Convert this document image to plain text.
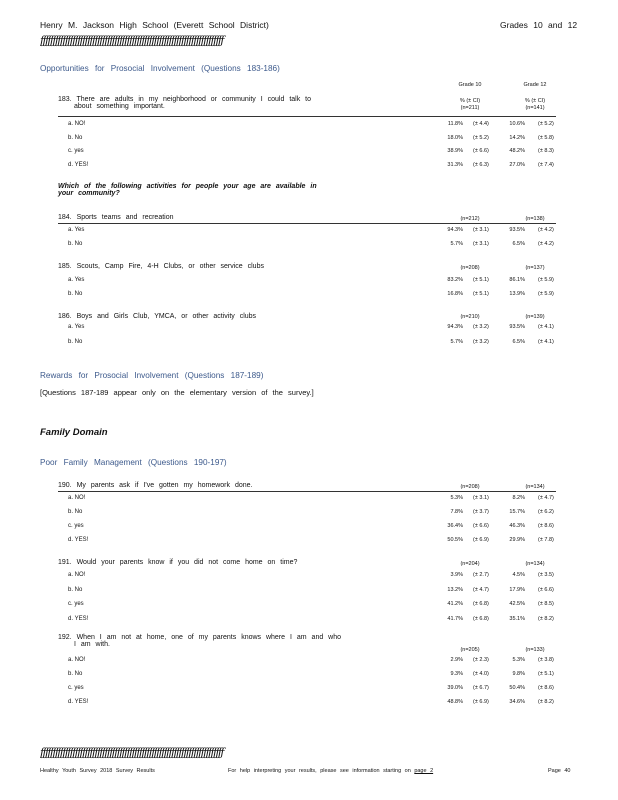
Henry M. Jackson High School (Everett School District)	Grades 10 and 12
ƒƒƒƒƒƒƒƒƒƒƒƒƒƒƒƒƒƒƒƒƒƒƒƒƒƒƒƒƒƒƒƒƒƒƒƒƒƒƒƒƒƒƒƒƒƒƒƒƒƒƒƒƒƒƒƒƒƒƒƒƒƒƒƒƒƒƒƒƒƒƒƒƒƒ
Opportunities for Prosocial Involvement (Questions 183-186)
Grade 10	Grade 12
% (± CI)	% (± CI)
(n=211)	(n=141)
183. There are adults in my neighborhood or community I could talk to
about something important.
a. NO!	11.8% (± 4.4)	10.6% (± 5.2)
b. No	18.0% (± 5.2)	14.2% (± 5.8)
c. yes	38.9% (± 6.6)	48.2% (± 8.3)
d. YES!	31.3% (± 6.3)	27.0% (± 7.4)
Which of the following activities for people your age are available in
your community?
184. Sports teams and recreation	(n=212)	(n=138)
a. Yes	94.3% (± 3.1)	93.5% (± 4.2)
b. No	5.7% (± 3.1)	6.5% (± 4.2)
185. Scouts, Camp Fire, 4-H Clubs, or other service clubs	(n=208)	(n=137)
a. Yes	83.2% (± 5.1)	86.1% (± 5.9)
b. No	16.8% (± 5.1)	13.9% (± 5.9)
186. Boys and Girls Club, YMCA, or other activity clubs	(n=210)	(n=139)
a. Yes	94.3% (± 3.2)	93.5% (± 4.1)
b. No	5.7% (± 3.2)	6.5% (± 4.1)
Rewards for Prosocial Involvement (Questions 187-189)
[Questions 187-189 appear only on the elementary version of the survey.]
Family Domain
Poor Family Management (Questions 190-197)
190. My parents ask if I've gotten my homework done.	(n=208)	(n=134)
a. NO!	5.3% (± 3.1)	8.2% (± 4.7)
b. No	7.8% (± 3.7)	15.7% (± 6.2)
c. yes	36.4% (± 6.6)	46.3% (± 8.6)
d. YES!	50.5% (± 6.9)	29.9% (± 7.8)
191. Would your parents know if you did not come home on time?	(n=204)	(n=134)
a. NO!	3.9% (± 2.7)	4.5% (± 3.5)
b. No	13.2% (± 4.7)	17.9% (± 6.6)
c. yes	41.2% (± 6.8)	42.5% (± 8.5)
d. YES!	41.7% (± 6.8)	35.1% (± 8.2)
192. When I am not at home, one of my parents knows where I am and who
I am with.
(n=205)	(n=133)
a. NO!	2.9% (± 2.3)	5.3% (± 3.8)
b. No	9.3% (± 4.0)	9.8% (± 5.1)
c. yes	39.0% (± 6.7)	50.4% (± 8.6)
d. YES!	48.8% (± 6.9)	34.6% (± 8.2)
ƒƒƒƒƒƒƒƒƒƒƒƒƒƒƒƒƒƒƒƒƒƒƒƒƒƒƒƒƒƒƒƒƒƒƒƒƒƒƒƒƒƒƒƒƒƒƒƒƒƒƒƒƒƒƒƒƒƒƒƒƒƒƒƒƒƒƒƒƒƒƒƒƒƒ
Healthy Youth Survey 2018 Survey Results	For help interpreting your results, please see information starting on page 2	Page 40
